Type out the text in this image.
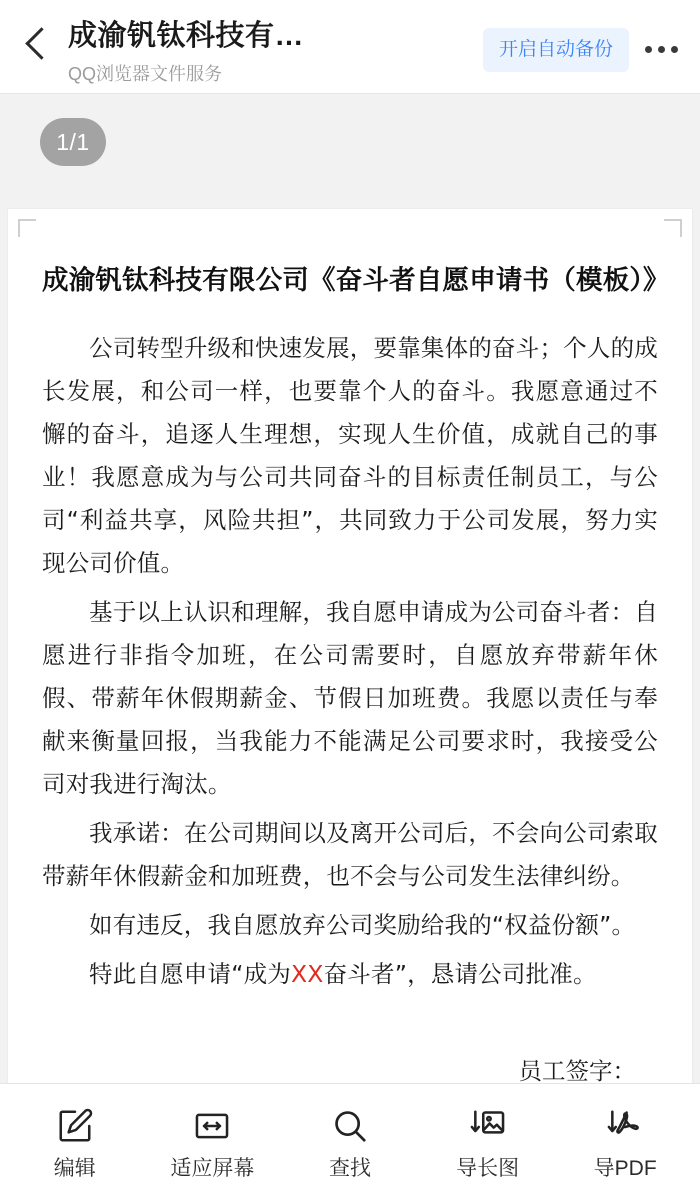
成渝钒钛科技有…
QQ浏览器文件服务
开启自动备份
1/1
成渝钒钛科技有限公司《奋斗者自愿申请书（模板）》

公司转型升级和快速发展，要靠集体的奋斗；个人的成长发展，和公司一样，也要靠个人的奋斗。我愿意通过不懈的奋斗，追逐人生理想，实现人生价值，成就自己的事业！我愿意成为与公司共同奋斗的目标责任制员工，与公司“利益共享，风险共担”，共同致力于公司发展，努力实现公司价值。

基于以上认识和理解，我自愿申请成为公司奋斗者：自愿进行非指令加班，在公司需要时，自愿放弃带薪年休假、带薪年休假期薪金、节假日加班费。我愿以责任与奉献来衡量回报，当我能力不能满足公司要求时，我接受公司对我进行淘汰。

我承诺：在公司期间以及离开公司后，不会向公司索取带薪年休假薪金和加班费，也不会与公司发生法律纠纷。

如有违反，我自愿放弃公司奖励给我的“权益份额”。

特此自愿申请“成为XX奋斗者”，恳请公司批准。

员工签字：
编辑	适应屏幕	查找	导长图	导PDF
